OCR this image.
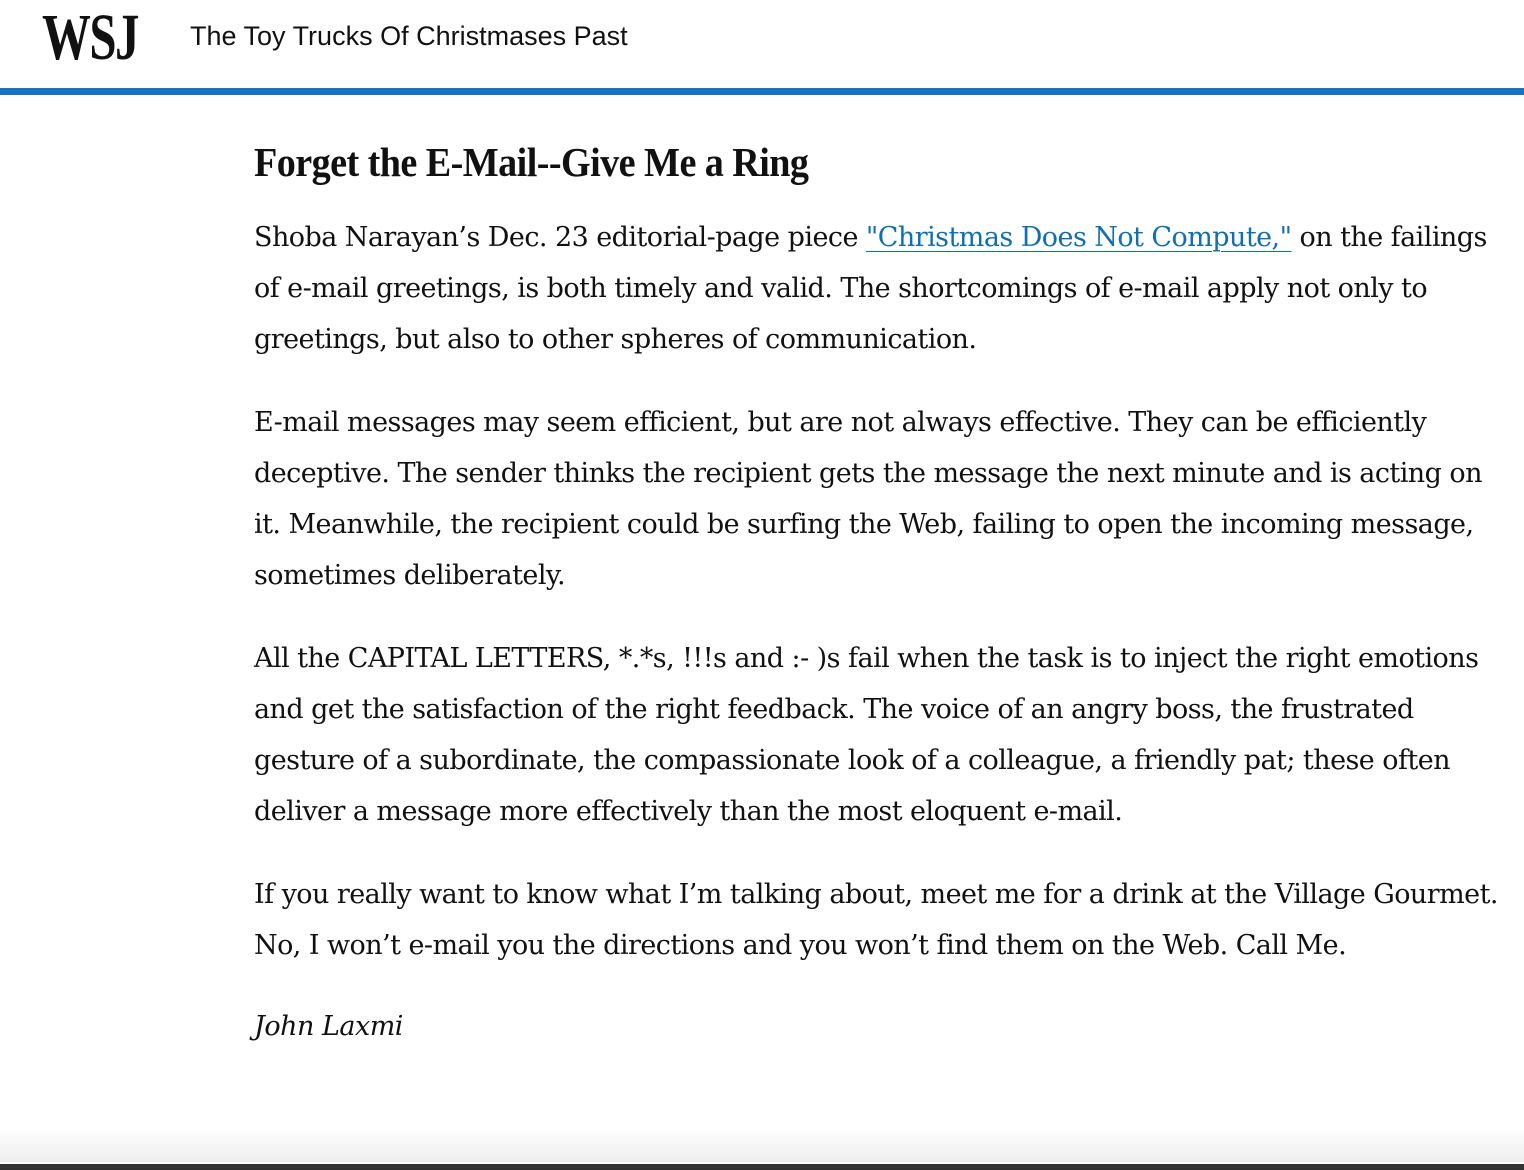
WSJ The Toy Trucks Of Christmases Past
Forget the E-Mail--Give Me a Ring

Shoba Narayan’s Dec. 23 editorial-page piece "Christmas Does Not Compute," on the failings of e-mail greetings, is both timely and valid. The shortcomings of e-mail apply not only to greetings, but also to other spheres of communication.

E-mail messages may seem efficient, but are not always effective. They can be efficiently deceptive. The sender thinks the recipient gets the message the next minute and is acting on it. Meanwhile, the recipient could be surfing the Web, failing to open the incoming message, sometimes deliberately.

All the CAPITAL LETTERS, *.*s, !!!s and :- )s fail when the task is to inject the right emotions and get the satisfaction of the right feedback. The voice of an angry boss, the frustrated gesture of a subordinate, the compassionate look of a colleague, a friendly pat; these often deliver a message more effectively than the most eloquent e-mail.

If you really want to know what I’m talking about, meet me for a drink at the Village Gourmet. No, I won’t e-mail you the directions and you won’t find them on the Web. Call Me.

John Laxmi
